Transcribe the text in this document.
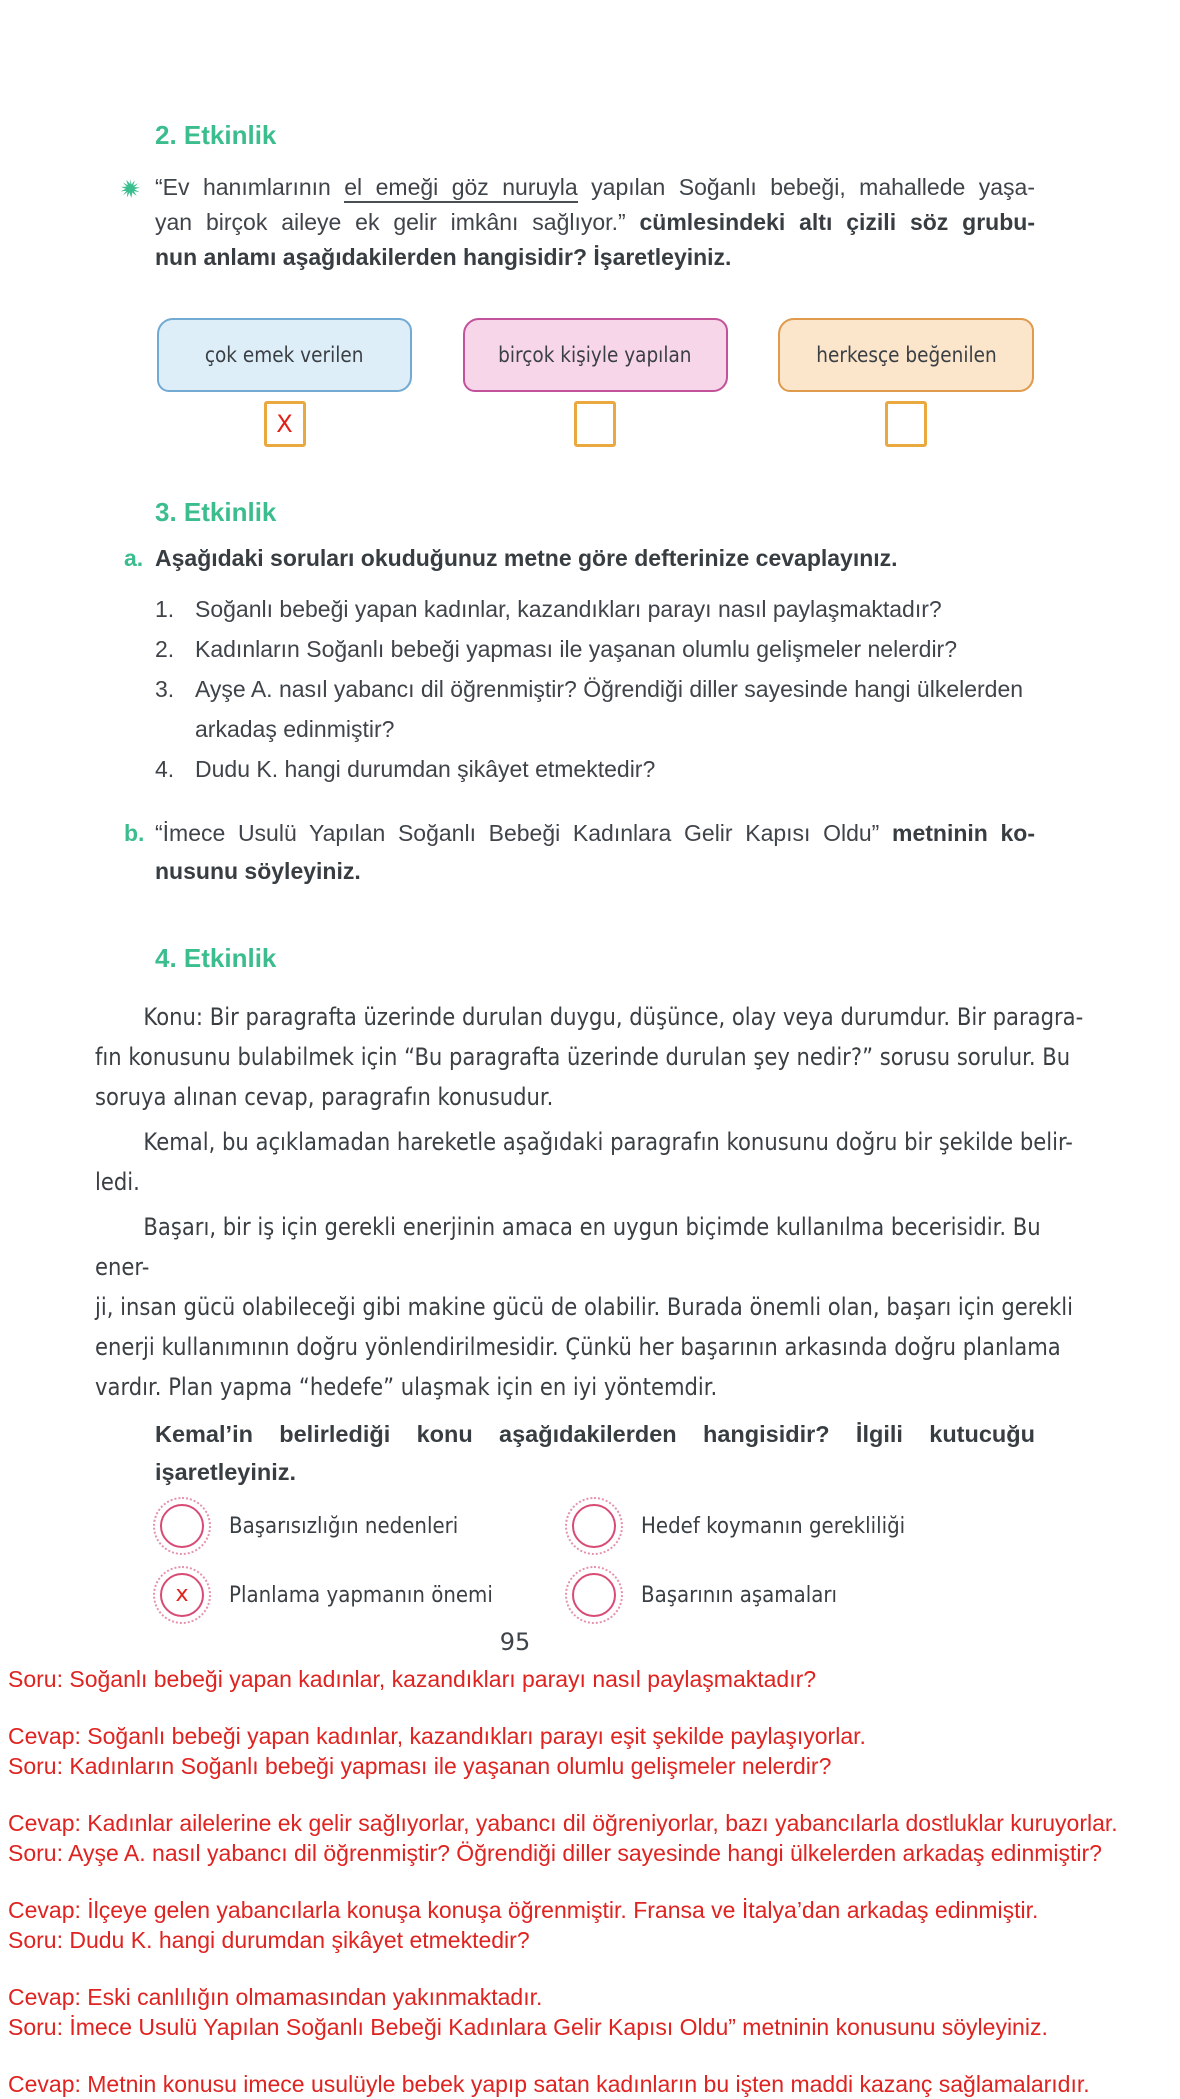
2. Etkinlik
“Ev hanımlarının el emeği göz nuruyla yapılan Soğanlı bebeği, mahallede yaşa-
yan birçok aileye ek gelir imkânı sağlıyor.” cümlesindeki altı çizili söz grubu-
nun anlamı aşağıdakilerden hangisidir? İşaretleyiniz.
çok emek verilen	birçok kişiyle yapılan	herkesçe beğenilen
X
3. Etkinlik
a. Aşağıdaki soruları okuduğunuz metne göre defterinize cevaplayınız.
1. Soğanlı bebeği yapan kadınlar, kazandıkları parayı nasıl paylaşmaktadır?
2. Kadınların Soğanlı bebeği yapması ile yaşanan olumlu gelişmeler nelerdir?
3. Ayşe A. nasıl yabancı dil öğrenmiştir? Öğrendiği diller sayesinde hangi ülkelerden
arkadaş edinmiştir?
4. Dudu K. hangi durumdan şikâyet etmektedir?
b. “İmece Usulü Yapılan Soğanlı Bebeği Kadınlara Gelir Kapısı Oldu” metninin ko-
nusunu söyleyiniz.
4. Etkinlik
Konu: Bir paragrafta üzerinde durulan duygu, düşünce, olay veya durumdur. Bir paragra-
fın konusunu bulabilmek için “Bu paragrafta üzerinde durulan şey nedir?” sorusu sorulur. Bu
soruya alınan cevap, paragrafın konusudur.
Kemal, bu açıklamadan hareketle aşağıdaki paragrafın konusunu doğru bir şekilde belir-
ledi.
Başarı, bir iş için gerekli enerjinin amaca en uygun biçimde kullanılma becerisidir. Bu ener-
ji, insan gücü olabileceği gibi makine gücü de olabilir. Burada önemli olan, başarı için gerekli
enerji kullanımının doğru yönlendirilmesidir. Çünkü her başarının arkasında doğru planlama
vardır. Plan yapma “hedefe” ulaşmak için en iyi yöntemdir.
Kemal’in belirlediği konu aşağıdakilerden hangisidir? İlgili kutucuğu
işaretleyiniz.
Başarısızlığın nedenleri	Hedef koymanın gerekliliği
x Planlama yapmanın önemi	Başarının aşamaları
95
Soru: Soğanlı bebeği yapan kadınlar, kazandıkları parayı nasıl paylaşmaktadır?
Cevap: Soğanlı bebeği yapan kadınlar, kazandıkları parayı eşit şekilde paylaşıyorlar.
Soru: Kadınların Soğanlı bebeği yapması ile yaşanan olumlu gelişmeler nelerdir?
Cevap: Kadınlar ailelerine ek gelir sağlıyorlar, yabancı dil öğreniyorlar, bazı yabancılarla dostluklar kuruyorlar.
Soru: Ayşe A. nasıl yabancı dil öğrenmiştir? Öğrendiği diller sayesinde hangi ülkelerden arkadaş edinmiştir?
Cevap: İlçeye gelen yabancılarla konuşa konuşa öğrenmiştir. Fransa ve İtalya’dan arkadaş edinmiştir.
Soru: Dudu K. hangi durumdan şikâyet etmektedir?
Cevap: Eski canlılığın olmamasından yakınmaktadır.
Soru: İmece Usulü Yapılan Soğanlı Bebeği Kadınlara Gelir Kapısı Oldu” metninin konusunu söyleyiniz.
Cevap: Metnin konusu imece usulüyle bebek yapıp satan kadınların bu işten maddi kazanç sağlamalarıdır.
